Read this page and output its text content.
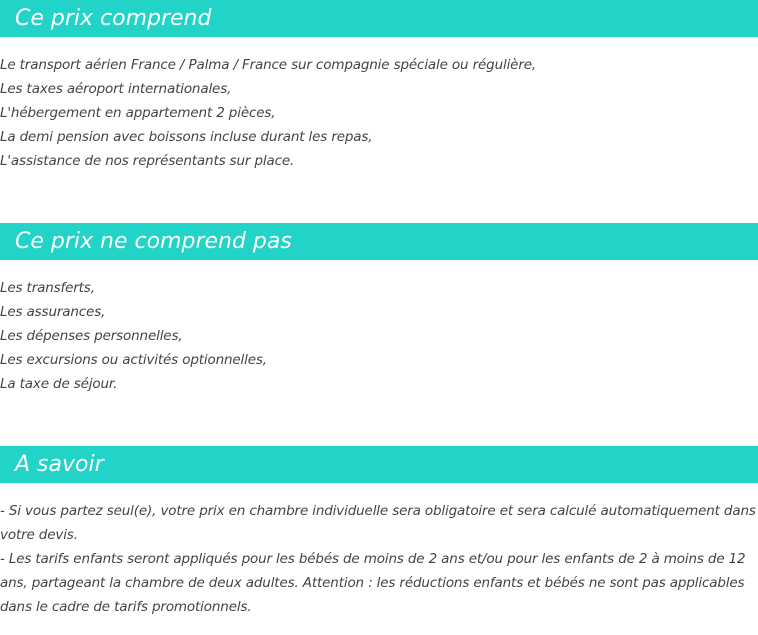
Ce prix comprend
Le transport aérien France / Palma / France sur compagnie spéciale ou régulière,
Les taxes aéroport internationales,
L'hébergement en appartement 2 pièces,
La demi pension avec boissons incluse durant les repas,
L'assistance de nos représentants sur place.
Ce prix ne comprend pas
Les transferts,
Les assurances,
Les dépenses personnelles,
Les excursions ou activités optionnelles,
La taxe de séjour.
A savoir
- Si vous partez seul(e), votre prix en chambre individuelle sera obligatoire et sera calculé automatiquement dans votre devis.
- Les tarifs enfants seront appliqués pour les bébés de moins de 2 ans et/ou pour les enfants de 2 à moins de 12 ans, partageant la chambre de deux adultes. Attention : les réductions enfants et bébés ne sont pas applicables dans le cadre de tarifs promotionnels.
